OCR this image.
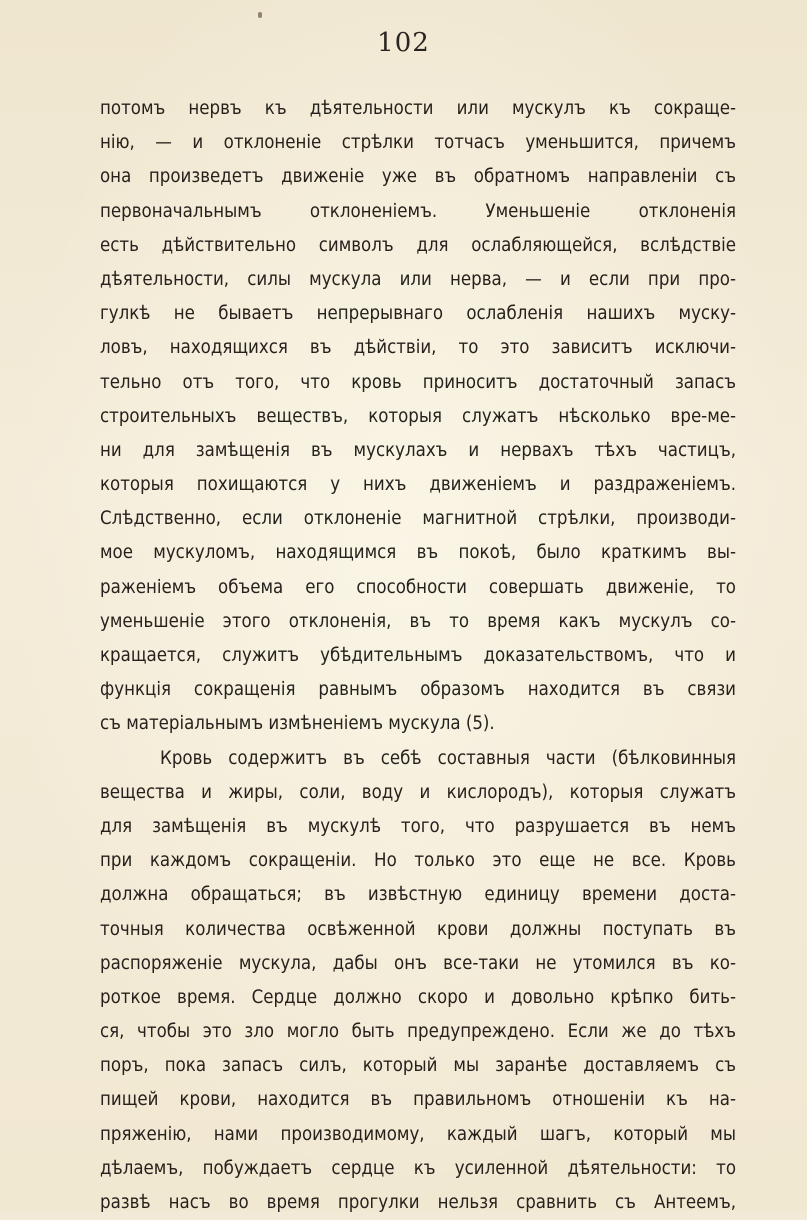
102
потомъ нервъ къ дѣятельности или мускулъ къ сокраще-
нію, — и отклоненіе стрѣлки тотчасъ уменьшится, причемъ
она произведетъ движеніе уже въ обратномъ направленіи съ
первоначальнымъ отклоненіемъ. Уменьшеніе отклоненія
есть дѣйствительно символъ для ослабляющейся, вслѣдствіе
дѣятельности, силы мускула или нерва, — и если при про-
гулкѣ не бываетъ непрерывнаго ослабленія нашихъ муску-
ловъ, находящихся въ дѣйствіи, то это зависитъ исключи-
тельно отъ того, что кровь приноситъ достаточный запасъ
строительныхъ веществъ, которыя служатъ нѣсколько вре-ме-
ни для замѣщенія въ мускулахъ и нервахъ тѣхъ частицъ,
которыя похищаются у нихъ движеніемъ и раздраженіемъ.
Слѣдственно, если отклоненіе магнитной стрѣлки, производи-
мое мускуломъ, находящимся въ покоѣ, было краткимъ вы-
раженіемъ объема его способности совершать движеніе, то
уменьшеніе этого отклоненія, въ то время какъ мускулъ со-
кращается, служитъ убѣдительнымъ доказательствомъ, что и
функція сокращенія равнымъ образомъ находится въ связи
съ матеріальнымъ измѣненіемъ мускула (5).
Кровь содержитъ въ себѣ составныя части (бѣлковинныя
вещества и жиры, соли, воду и кислородъ), которыя служатъ
для замѣщенія въ мускулѣ того, что разрушается въ немъ
при каждомъ сокращеніи. Но только это еще не все. Кровь
должна обращаться; въ извѣстную единицу времени доста-
точныя количества освѣженной крови должны поступать въ
распоряженіе мускула, дабы онъ все-таки не утомился въ ко-
роткое время. Сердце должно скоро и довольно крѣпко бить-
ся, чтобы это зло могло быть предупреждено. Если же до тѣхъ
поръ, пока запасъ силъ, который мы заранѣе доставляемъ съ
пищей крови, находится въ правильномъ отношеніи къ на-
пряженію, нами производимому, каждый шагъ, который мы
дѣлаемъ, побуждаетъ сердце къ усиленной дѣятельности: то
развѣ насъ во время прогулки нельзя сравнить съ Антеемъ,
